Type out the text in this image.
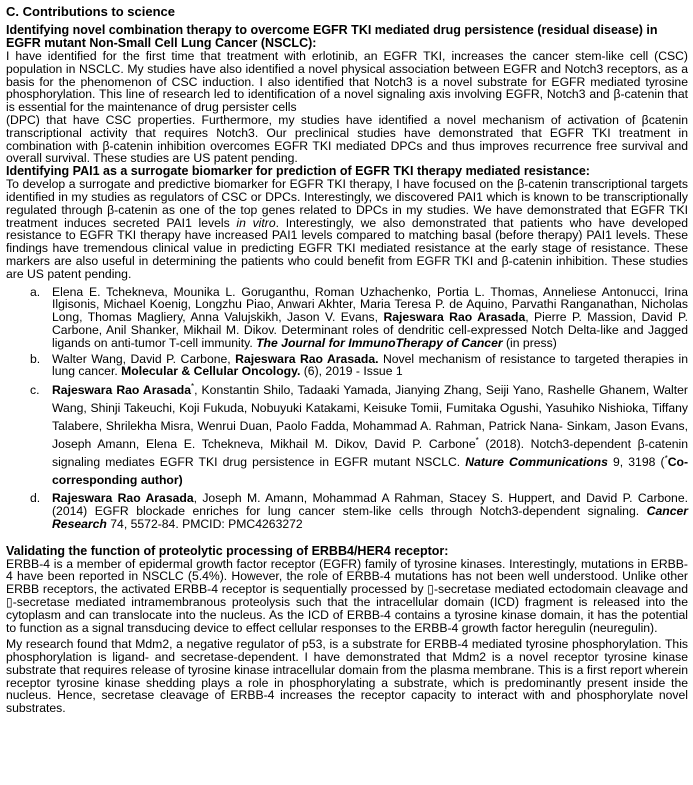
C. Contributions to science
Identifying novel combination therapy to overcome EGFR TKI mediated drug persistence (residual disease) in EGFR mutant Non-Small Cell Lung Cancer (NSCLC):
I have identified for the first time that treatment with erlotinib, an EGFR TKI, increases the cancer stem-like cell (CSC) population in NSCLC. My studies have also identified a novel physical association between EGFR and Notch3 receptors, as a basis for the phenomenon of CSC induction. I also identified that Notch3 is a novel substrate for EGFR mediated tyrosine phosphorylation. This line of research led to identification of a novel signaling axis involving EGFR, Notch3 and β-catenin that is essential for the maintenance of drug persister cells
(DPC) that have CSC properties. Furthermore, my studies have identified a novel mechanism of activation of βcatenin transcriptional activity that requires Notch3. Our preclinical studies have demonstrated that EGFR TKI treatment in combination with β-catenin inhibition overcomes EGFR TKI mediated DPCs and thus improves recurrence free survival and overall survival. These studies are US patent pending.
Identifying PAI1 as a surrogate biomarker for prediction of EGFR TKI therapy mediated resistance:
To develop a surrogate and predictive biomarker for EGFR TKI therapy, I have focused on the β-catenin transcriptional targets identified in my studies as regulators of CSC or DPCs. Interestingly, we discovered PAI1 which is known to be transcriptionally regulated through β-catenin as one of the top genes related to DPCs in my studies. We have demonstrated that EGFR TKI treatment induces secreted PAI1 levels in vitro. Interestingly, we also demonstrated that patients who have developed resistance to EGFR TKI therapy have increased PAI1 levels compared to matching basal (before therapy) PAI1 levels. These findings have tremendous clinical value in predicting EGFR TKI mediated resistance at the early stage of resistance. These markers are also useful in determining the patients who could benefit from EGFR TKI and β-catenin inhibition. These studies are US patent pending.
a. Elena E. Tchekneva, Mounika L. Goruganthu, Roman Uzhachenko, Portia L. Thomas, Anneliese Antonucci, Irina Ilgisonis, Michael Koenig, Longzhu Piao, Anwari Akhter, Maria Teresa P. de Aquino, Parvathi Ranganathan, Nicholas Long, Thomas Magliery, Anna Valujskikh, Jason V. Evans, Rajeswara Rao Arasada, Pierre P. Massion, David P. Carbone, Anil Shanker, Mikhail M. Dikov. Determinant roles of dendritic cell-expressed Notch Delta-like and Jagged ligands on anti-tumor T-cell immunity. The Journal for ImmunoTherapy of Cancer (in press)
b. Walter Wang, David P. Carbone, Rajeswara Rao Arasada. Novel mechanism of resistance to targeted therapies in lung cancer. Molecular & Cellular Oncology. (6), 2019 - Issue 1
c.	Rajeswara Rao Arasada*, Konstantin Shilo, Tadaaki Yamada, Jianying Zhang, Seiji Yano, Rashelle Ghanem, Walter Wang, Shinji Takeuchi, Koji Fukuda, Nobuyuki Katakami, Keisuke Tomii, Fumitaka Ogushi, Yasuhiko Nishioka, Tiffany Talabere, Shrilekha Misra, Wenrui Duan, Paolo Fadda, Mohammad A. Rahman, Patrick Nana- Sinkam, Jason Evans, Joseph Amann, Elena E. Tchekneva, Mikhail M. Dikov, David P. Carbone* (2018). Notch3-dependent β-catenin signaling mediates EGFR TKI drug persistence in EGFR mutant NSCLC. Nature Communications 9, 3198 (*Co-corresponding author)
d. Rajeswara Rao Arasada, Joseph M. Amann, Mohammad A Rahman, Stacey S. Huppert, and David P. Carbone. (2014) EGFR blockade enriches for lung cancer stem-like cells through Notch3-dependent signaling. Cancer Research 74, 5572-84. PMCID: PMC4263272
Validating the function of proteolytic processing of ERBB4/HER4 receptor:
ERBB-4 is a member of epidermal growth factor receptor (EGFR) family of tyrosine kinases. Interestingly, mutations in ERBB-4 have been reported in NSCLC (5.4%). However, the role of ERBB-4 mutations has not been well understood. Unlike other ERBB receptors, the activated ERBB-4 receptor is sequentially processed by ▯-secretase mediated ectodomain cleavage and ▯-secretase mediated intramembranous proteolysis such that the intracellular domain (ICD) fragment is released into the cytoplasm and can translocate into the nucleus. As the ICD of ERBB-4 contains a tyrosine kinase domain, it has the potential to function as a signal transducing device to effect cellular responses to the ERBB-4 growth factor heregulin (neuregulin).
My research found that Mdm2, a negative regulator of p53, is a substrate for ERBB-4 mediated tyrosine phosphorylation. This phosphorylation is ligand- and secretase-dependent. I have demonstrated that Mdm2 is a novel receptor tyrosine kinase substrate that requires release of tyrosine kinase intracellular domain from the plasma membrane. This is a first report wherein receptor tyrosine kinase shedding plays a role in phosphorylating a substrate, which is predominantly present inside the nucleus. Hence, secretase cleavage of ERBB-4 increases the receptor capacity to interact with and phosphorylate novel substrates.
